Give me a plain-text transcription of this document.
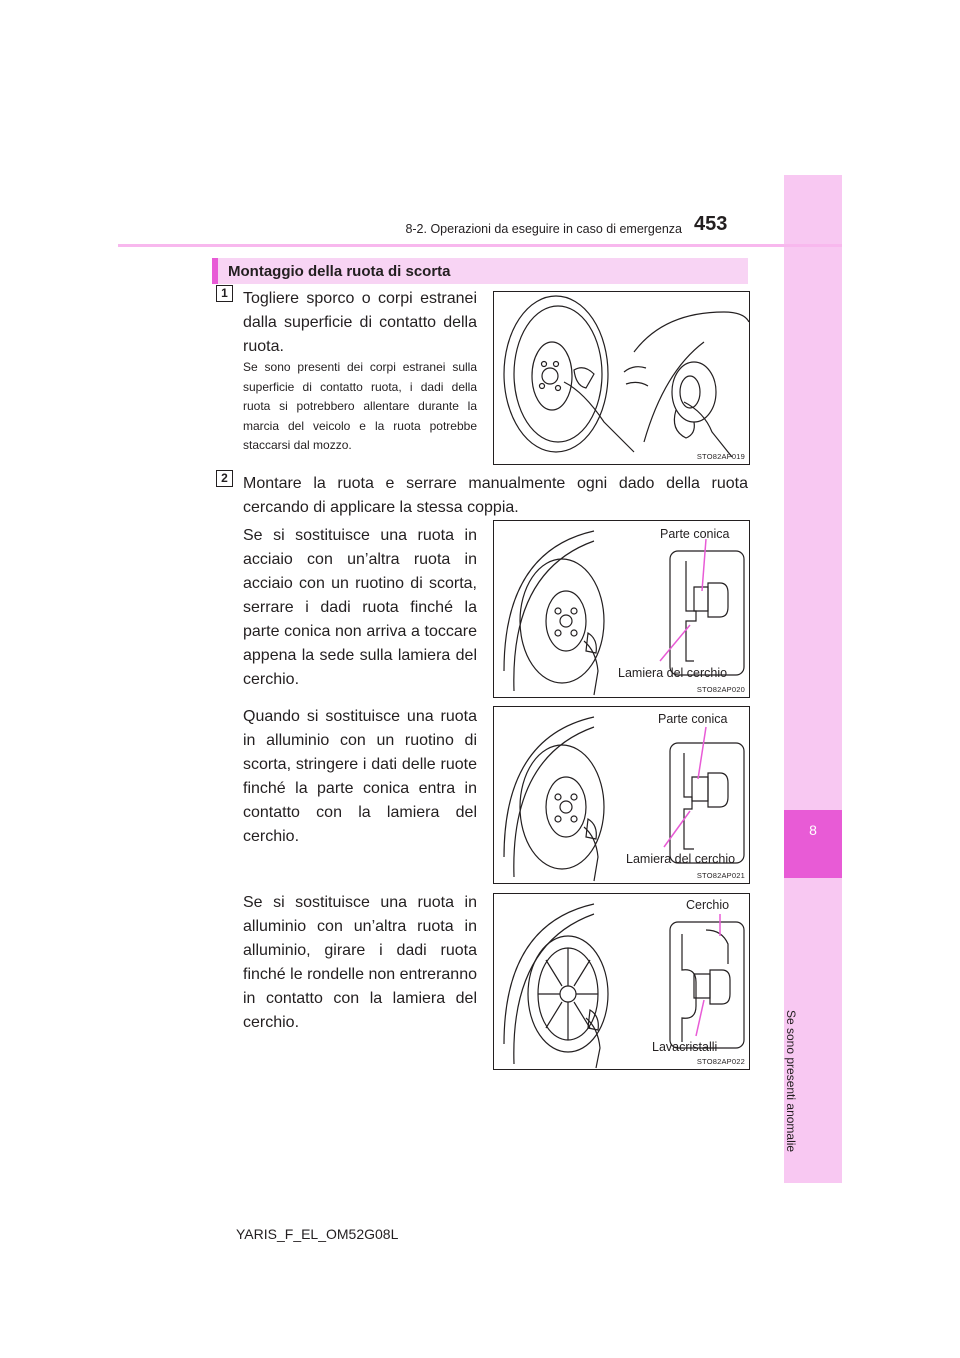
8
Se sono presenti anomalie
8-2. Operazioni da eseguire in caso di emergenza 453
Montaggio della ruota di scorta
1 Togliere sporco o corpi estranei dalla superficie di contatto della ruota.
Se sono presenti dei corpi estranei sulla superficie di contatto ruota, i dadi della ruota si potrebbero allentare durante la marcia del veicolo e la ruota potrebbe staccarsi dal mozzo.
STO82AP019
2 Montare la ruota e serrare manualmente ogni dado della ruota cercando di applicare la stessa coppia.
Se si sostituisce una ruota in acciaio con un’altra ruota in acciaio con un ruotino di scorta, serrare i dadi ruota finché la parte conica non arriva a toccare appena la sede sulla lamiera del cerchio.
Parte conica
Lamiera del cerchio
STO82AP020
Quando si sostituisce una ruota in alluminio con un ruotino di scorta, stringere i dati delle ruote finché la parte conica entra in contatto con la lamiera del cerchio.
Parte conica
Lamiera del cerchio
STO82AP021
Se si sostituisce una ruota in alluminio con un’altra ruota in alluminio, girare i dadi ruota finché le rondelle non entreranno in contatto con la lamiera del cerchio.
Cerchio
Lavacristalli
STO82AP022
YARIS_F_EL_OM52G08L
